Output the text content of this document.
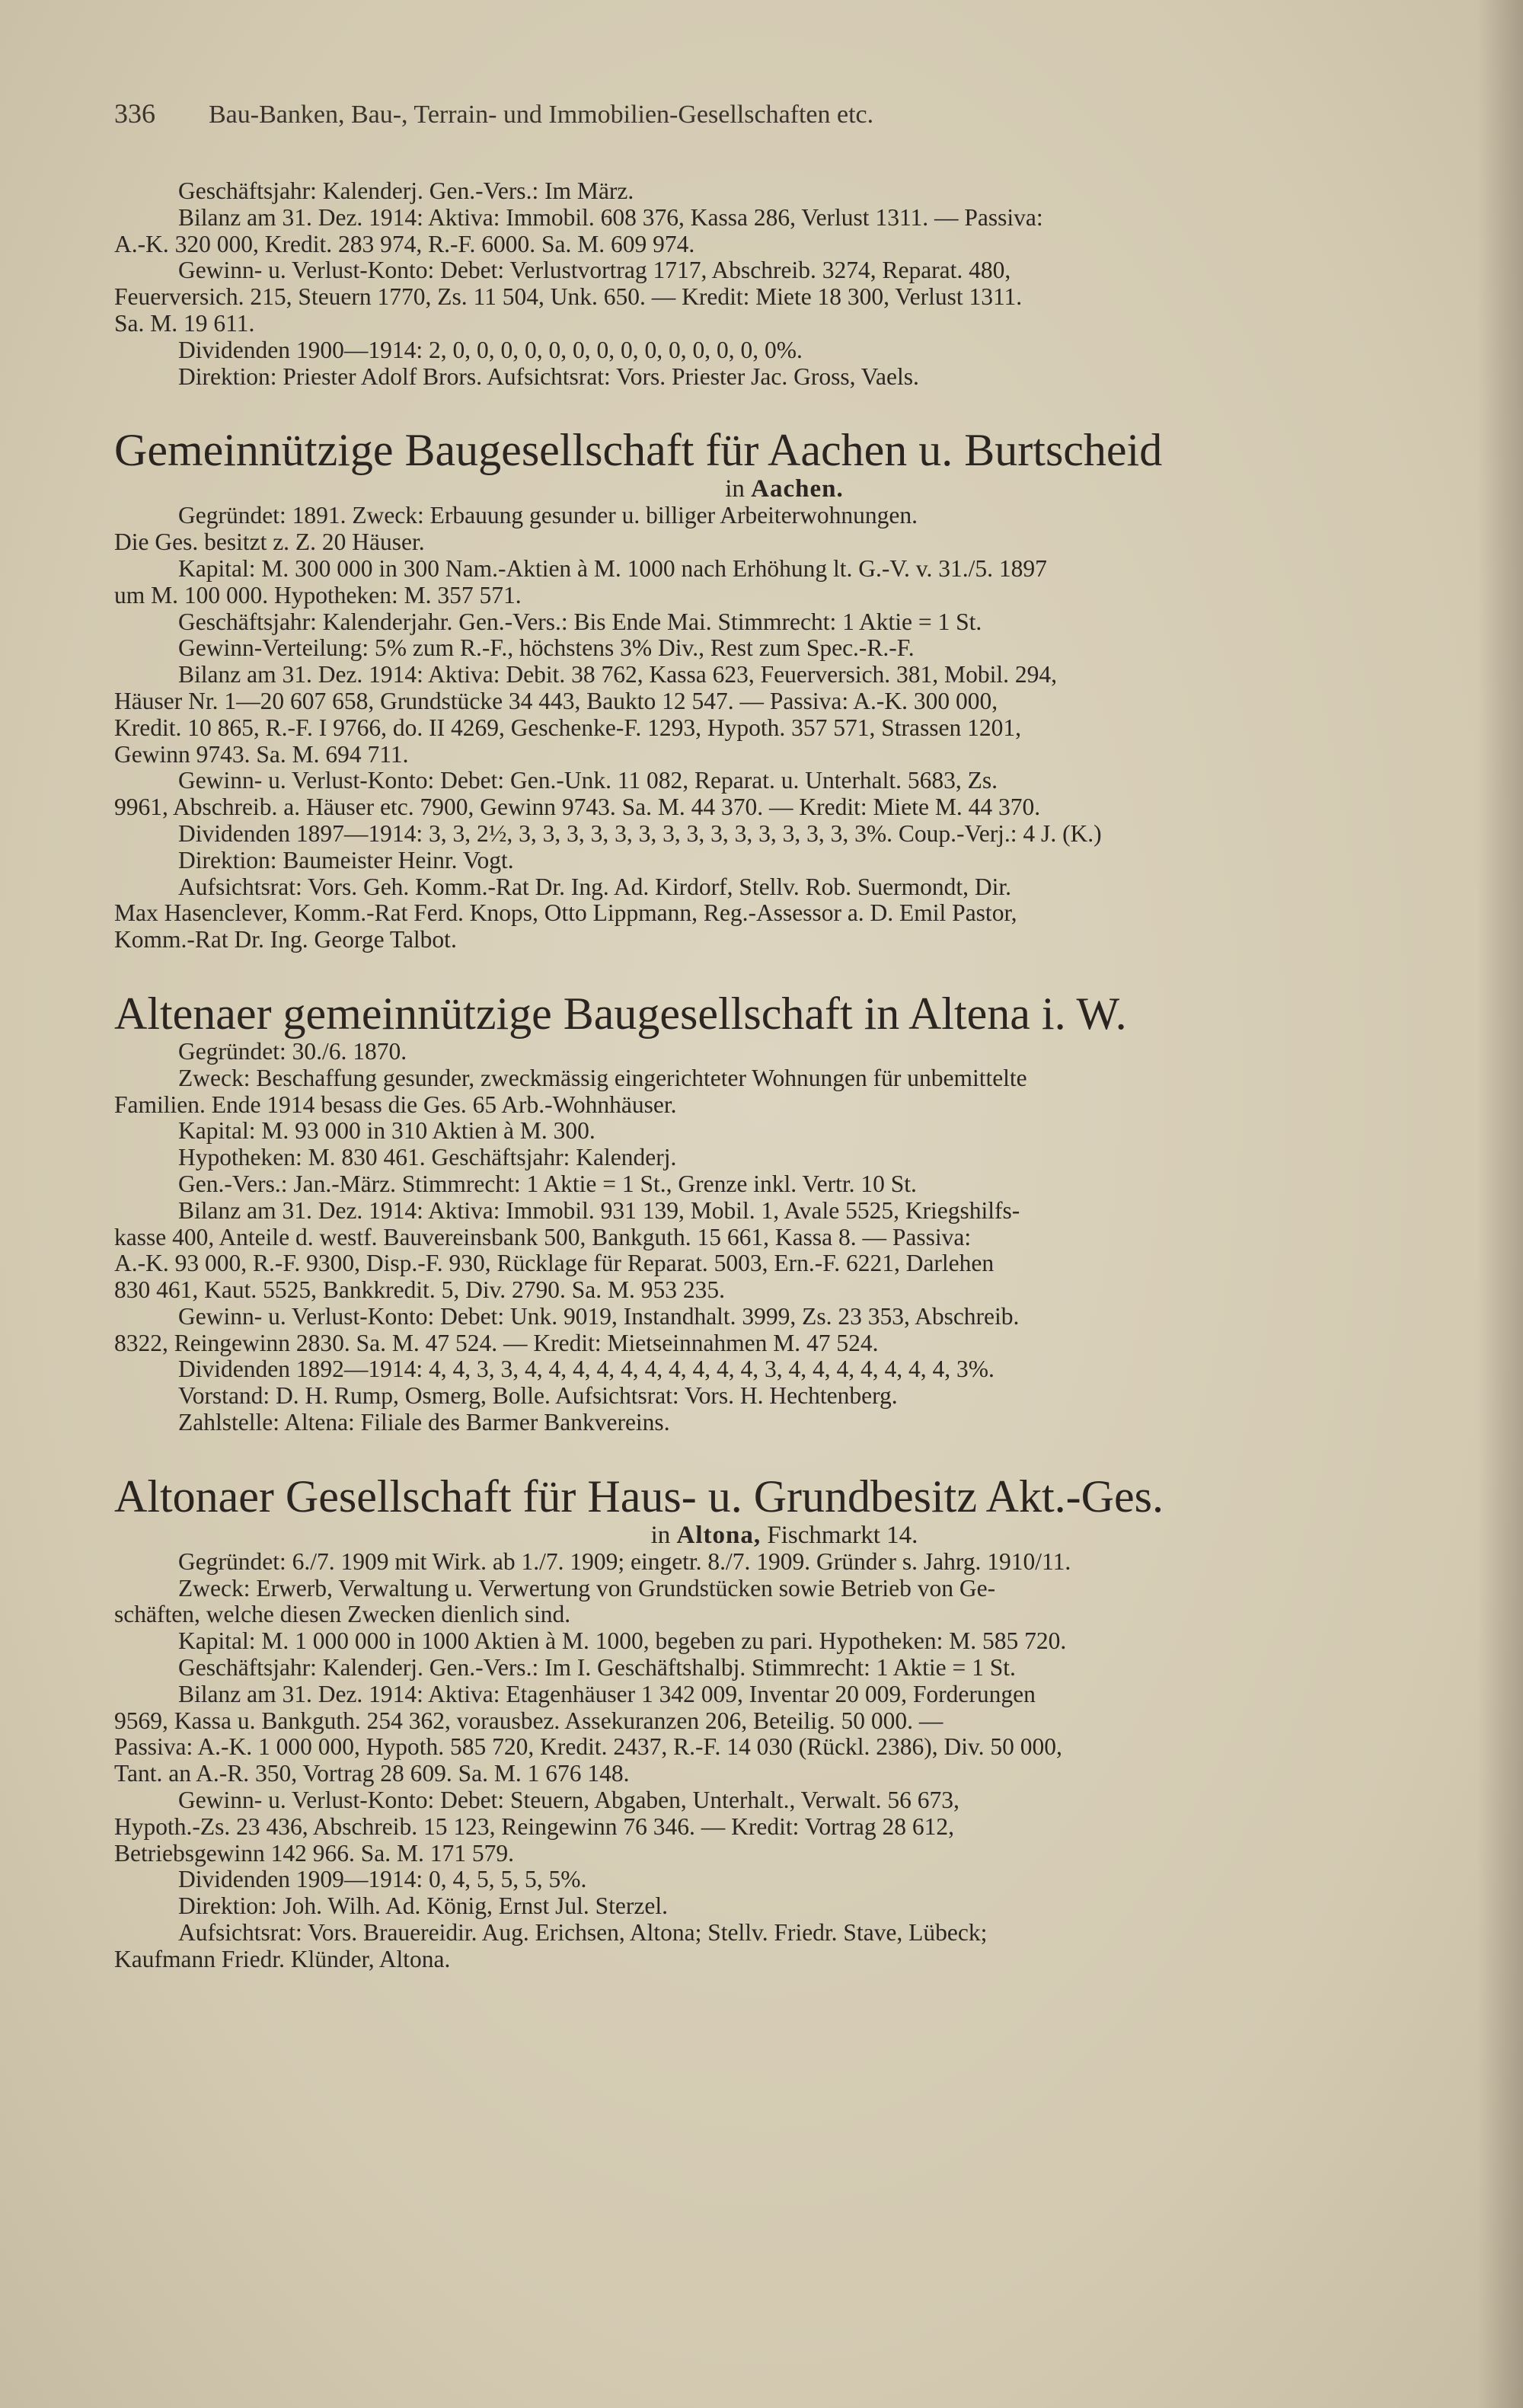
336 Bau-Banken, Bau-, Terrain- und Immobilien-Gesellschaften etc.
Geschäftsjahr: Kalenderj. Gen.-Vers.: Im März.
Bilanz am 31. Dez. 1914: Aktiva: Immobil. 608 376, Kassa 286, Verlust 1311. — Passiva:
A.-K. 320 000, Kredit. 283 974, R.-F. 6000. Sa. M. 609 974.
Gewinn- u. Verlust-Konto: Debet: Verlustvortrag 1717, Abschreib. 3274, Reparat. 480,
Feuerversich. 215, Steuern 1770, Zs. 11 504, Unk. 650. — Kredit: Miete 18 300, Verlust 1311.
Sa. M. 19 611.
Dividenden 1900—1914: 2, 0, 0, 0, 0, 0, 0, 0, 0, 0, 0, 0, 0, 0, 0%.
Direktion: Priester Adolf Brors. Aufsichtsrat: Vors. Priester Jac. Gross, Vaels.
Gemeinnützige Baugesellschaft für Aachen u. Burtscheid
in Aachen.
Gegründet: 1891. Zweck: Erbauung gesunder u. billiger Arbeiterwohnungen.
Die Ges. besitzt z. Z. 20 Häuser.
Kapital: M. 300 000 in 300 Nam.-Aktien à M. 1000 nach Erhöhung lt. G.-V. v. 31./5. 1897
um M. 100 000. Hypotheken: M. 357 571.
Geschäftsjahr: Kalenderjahr. Gen.-Vers.: Bis Ende Mai. Stimmrecht: 1 Aktie = 1 St.
Gewinn-Verteilung: 5% zum R.-F., höchstens 3% Div., Rest zum Spec.-R.-F.
Bilanz am 31. Dez. 1914: Aktiva: Debit. 38 762, Kassa 623, Feuerversich. 381, Mobil. 294,
Häuser Nr. 1—20 607 658, Grundstücke 34 443, Baukto 12 547. — Passiva: A.-K. 300 000,
Kredit. 10 865, R.-F. I 9766, do. II 4269, Geschenke-F. 1293, Hypoth. 357 571, Strassen 1201,
Gewinn 9743. Sa. M. 694 711.
Gewinn- u. Verlust-Konto: Debet: Gen.-Unk. 11 082, Reparat. u. Unterhalt. 5683, Zs.
9961, Abschreib. a. Häuser etc. 7900, Gewinn 9743. Sa. M. 44 370. — Kredit: Miete M. 44 370.
Dividenden 1897—1914: 3, 3, 2½, 3, 3, 3, 3, 3, 3, 3, 3, 3, 3, 3, 3, 3, 3, 3%. Coup.-Verj.: 4 J. (K.)
Direktion: Baumeister Heinr. Vogt.
Aufsichtsrat: Vors. Geh. Komm.-Rat Dr. Ing. Ad. Kirdorf, Stellv. Rob. Suermondt, Dir.
Max Hasenclever, Komm.-Rat Ferd. Knops, Otto Lippmann, Reg.-Assessor a. D. Emil Pastor,
Komm.-Rat Dr. Ing. George Talbot.
Altenaer gemeinnützige Baugesellschaft in Altena i. W.
Gegründet: 30./6. 1870.
Zweck: Beschaffung gesunder, zweckmässig eingerichteter Wohnungen für unbemittelte
Familien. Ende 1914 besass die Ges. 65 Arb.-Wohnhäuser.
Kapital: M. 93 000 in 310 Aktien à M. 300.
Hypotheken: M. 830 461. Geschäftsjahr: Kalenderj.
Gen.-Vers.: Jan.-März. Stimmrecht: 1 Aktie = 1 St., Grenze inkl. Vertr. 10 St.
Bilanz am 31. Dez. 1914: Aktiva: Immobil. 931 139, Mobil. 1, Avale 5525, Kriegshilfs-
kasse 400, Anteile d. westf. Bauvereinsbank 500, Bankguth. 15 661, Kassa 8. — Passiva:
A.-K. 93 000, R.-F. 9300, Disp.-F. 930, Rücklage für Reparat. 5003, Ern.-F. 6221, Darlehen
830 461, Kaut. 5525, Bankkredit. 5, Div. 2790. Sa. M. 953 235.
Gewinn- u. Verlust-Konto: Debet: Unk. 9019, Instandhalt. 3999, Zs. 23 353, Abschreib.
8322, Reingewinn 2830. Sa. M. 47 524. — Kredit: Mietseinnahmen M. 47 524.
Dividenden 1892—1914: 4, 4, 3, 3, 4, 4, 4, 4, 4, 4, 4, 4, 4, 4, 3, 4, 4, 4, 4, 4, 4, 4, 3%.
Vorstand: D. H. Rump, Osmerg, Bolle. Aufsichtsrat: Vors. H. Hechtenberg.
Zahlstelle: Altena: Filiale des Barmer Bankvereins.
Altonaer Gesellschaft für Haus- u. Grundbesitz Akt.-Ges.
in Altona, Fischmarkt 14.
Gegründet: 6./7. 1909 mit Wirk. ab 1./7. 1909; eingetr. 8./7. 1909. Gründer s. Jahrg. 1910/11.
Zweck: Erwerb, Verwaltung u. Verwertung von Grundstücken sowie Betrieb von Ge-
schäften, welche diesen Zwecken dienlich sind.
Kapital: M. 1 000 000 in 1000 Aktien à M. 1000, begeben zu pari. Hypotheken: M. 585 720.
Geschäftsjahr: Kalenderj. Gen.-Vers.: Im I. Geschäftshalbj. Stimmrecht: 1 Aktie = 1 St.
Bilanz am 31. Dez. 1914: Aktiva: Etagenhäuser 1 342 009, Inventar 20 009, Forderungen
9569, Kassa u. Bankguth. 254 362, vorausbez. Assekuranzen 206, Beteilig. 50 000. —
Passiva: A.-K. 1 000 000, Hypoth. 585 720, Kredit. 2437, R.-F. 14 030 (Rückl. 2386), Div. 50 000,
Tant. an A.-R. 350, Vortrag 28 609. Sa. M. 1 676 148.
Gewinn- u. Verlust-Konto: Debet: Steuern, Abgaben, Unterhalt., Verwalt. 56 673,
Hypoth.-Zs. 23 436, Abschreib. 15 123, Reingewinn 76 346. — Kredit: Vortrag 28 612,
Betriebsgewinn 142 966. Sa. M. 171 579.
Dividenden 1909—1914: 0, 4, 5, 5, 5, 5%.
Direktion: Joh. Wilh. Ad. König, Ernst Jul. Sterzel.
Aufsichtsrat: Vors. Brauereidir. Aug. Erichsen, Altona; Stellv. Friedr. Stave, Lübeck;
Kaufmann Friedr. Klünder, Altona.
